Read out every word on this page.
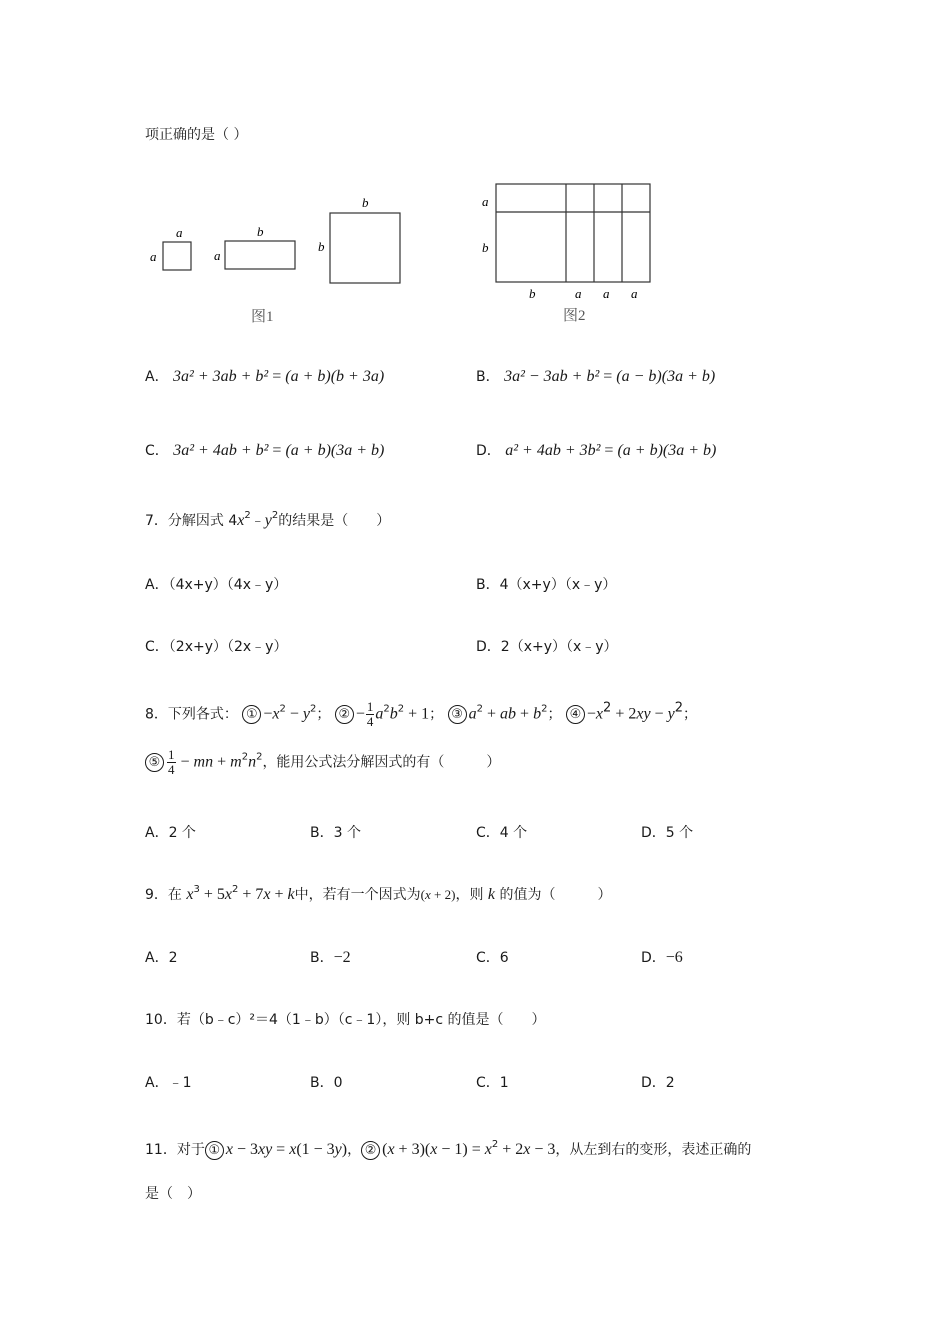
项正确的是（ ）
a
a
b
a
b
b
图1
a
b
b	a a a
图2
A． 3a² + 3ab + b² = (a + b)(b + 3a)	B． 3a² − 3ab + b² = (a − b)(3a + b)
C． 3a² + 4ab + b² = (a + b)(3a + b)	D． a² + 4ab + 3b² = (a + b)(3a + b)
7．分解因式 $4x^2﹣y^2$的结果是（　　）
A．（4x+y）（4x﹣y）	B．4（x+y）（x﹣y）
C．（2x+y）（2x﹣y）	D．2（x+y）（x﹣y）
8．下列各式： ① $-x^2 - y^2$； ② − $\frac{1}{4} a^2b^2 + 1$； ③ $a^2$ + ab + $b^2$； ④ $-x^2 + 2xy - y^2$；
⑤ $\frac{1}{4}$ − mn + $m^2n^2$，能用公式法分解因式的有（　　　）
A．2 个	B．3 个	C．4 个	D．5 个
9．在 $x^3 + 5x^2 + 7x + k$中，若有一个因式为(x + 2)，则 k 的值为（　　　）
A．2	B．−2	C．6	D．−6
10．若（b﹣c）²＝4（1﹣b）（c﹣1），则 b+c 的值是（　　）
A．﹣1	B．0	C．1	D．2
11．对于 ① x − 3xy = x(1 − 3y)， ② $(x + 3)(x - 1) = x^2 + 2x - 3$，从左到右的变形，表述正确的
是（　）
